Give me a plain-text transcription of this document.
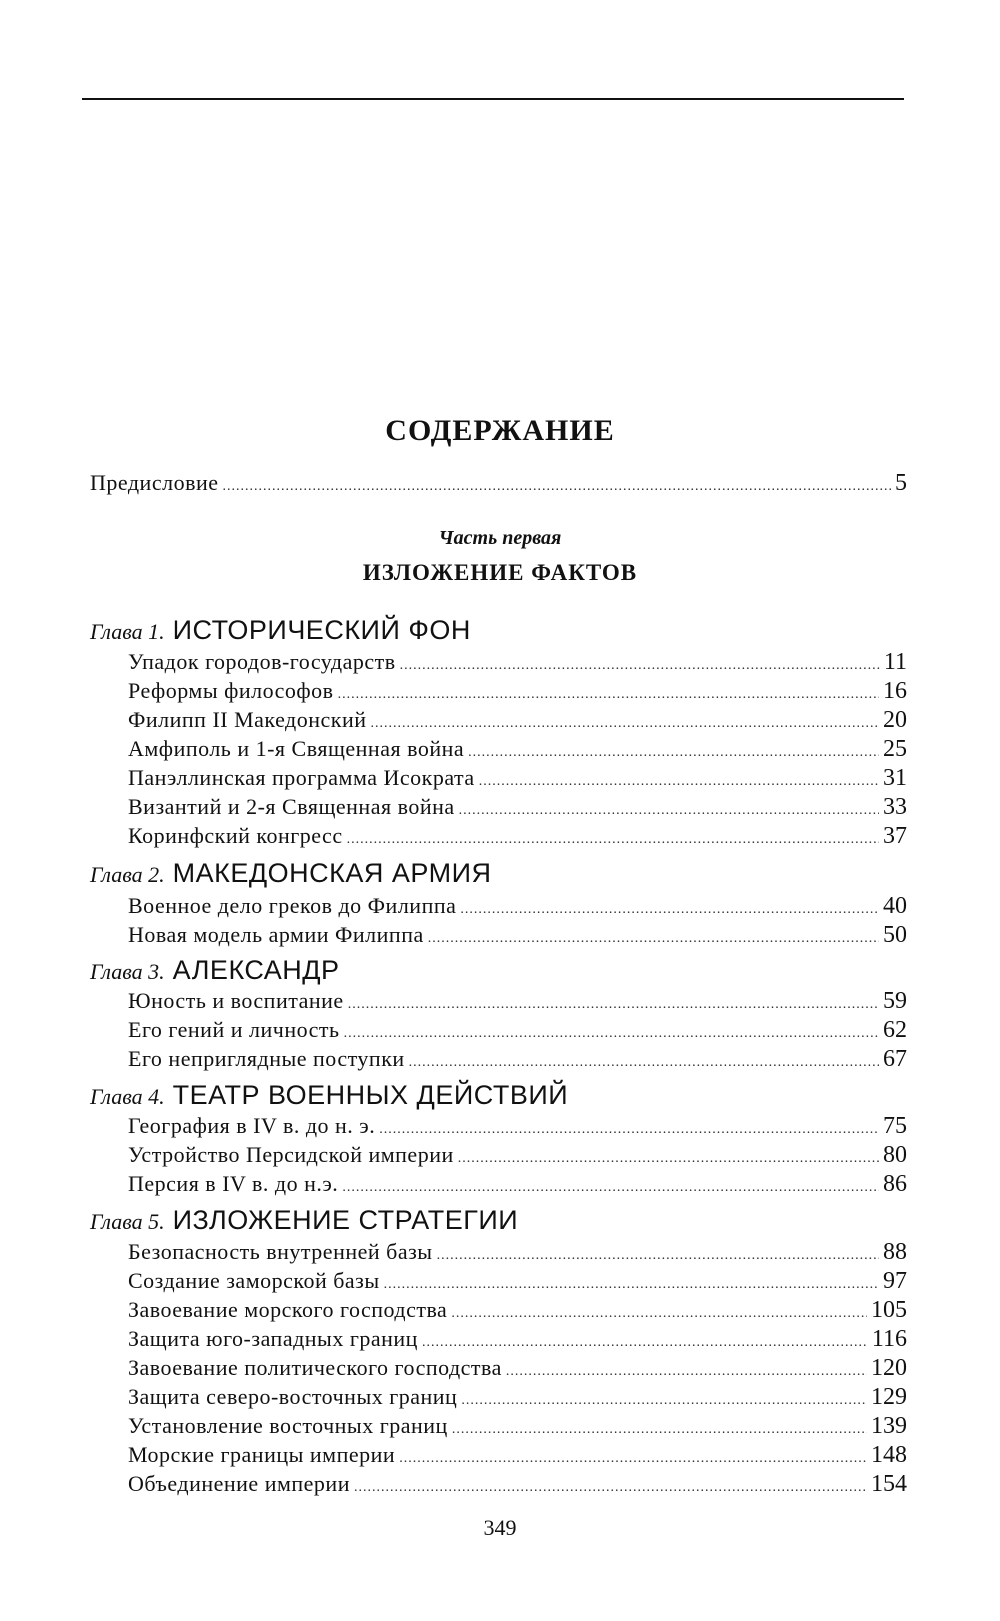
СОДЕРЖАНИЕ
Предисловие .....	5
Часть первая
ИЗЛОЖЕНИЕ ФАКТОВ
Глава 1. ИСТОРИЧЕСКИЙ ФОН
Упадок городов-государств .....	11
Реформы философов .....	16
Филипп II Македонский .....	20
Амфиполь и 1-я Священная война .....	25
Панэллинская программа Исократа .....	31
Византий и 2-я Священная война .....	33
Коринфский конгресс .....	37
Глава 2. МАКЕДОНСКАЯ АРМИЯ
Военное дело греков до Филиппа .....	40
Новая модель армии Филиппа .....	50
Глава 3. АЛЕКСАНДР
Юность и воспитание .....	59
Его гений и личность .....	62
Его неприглядные поступки .....	67
Глава 4. ТЕАТР ВОЕННЫХ ДЕЙСТВИЙ
География в IV в. до н. э. .....	75
Устройство Персидской империи .....	80
Персия в IV в. до н.э. .....	86
Глава 5. ИЗЛОЖЕНИЕ СТРАТЕГИИ
Безопасность внутренней базы .....	88
Создание заморской базы .....	97
Завоевание морского господства .....	105
Защита юго-западных границ .....	116
Завоевание политического господства .....	120
Защита северо-восточных границ .....	129
Установление восточных границ .....	139
Морские границы империи .....	148
Объединение империи .....	154
349
